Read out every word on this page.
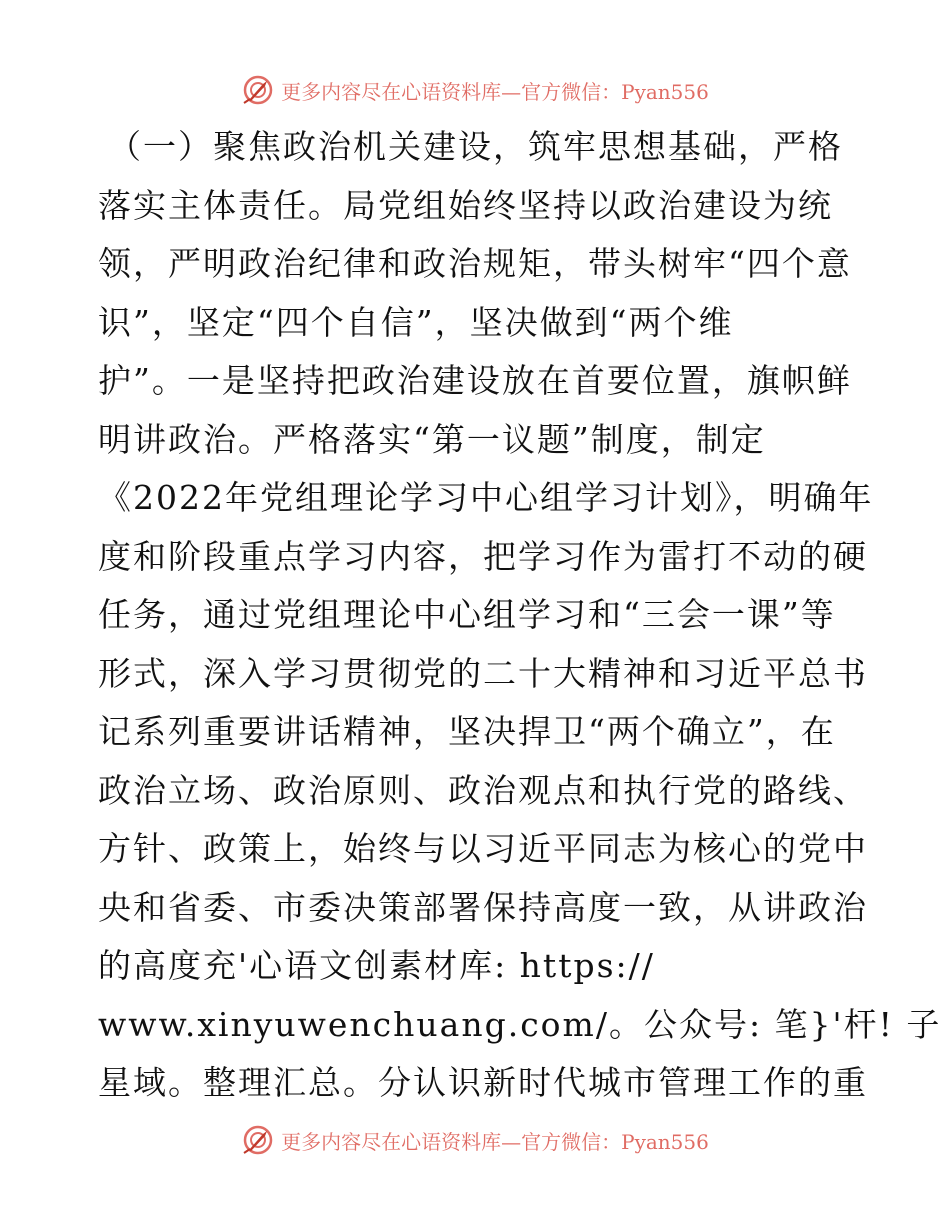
更多内容尽在心语资料库—官方微信：Pyan556
（一）聚焦政治机关建设，筑牢思想基础，严格
落实主体责任。局党组始终坚持以政治建设为统
领，严明政治纪律和政治规矩，带头树牢“四个意
识”，坚定“四个自信”，坚决做到“两个维
护”。一是坚持把政治建设放在首要位置，旗帜鲜
明讲政治。严格落实“第一议题”制度，制定
《2022年党组理论学习中心组学习计划》，明确年
度和阶段重点学习内容，把学习作为雷打不动的硬
任务，通过党组理论中心组学习和“三会一课”等
形式，深入学习贯彻党的二十大精神和习近平总书
记系列重要讲话精神，坚决捍卫“两个确立”，在
政治立场、政治原则、政治观点和执行党的路线、
方针、政策上，始终与以习近平同志为核心的党中
央和省委、市委决策部署保持高度一致，从讲政治
的高度充'心语文创素材库: https://
www.xinyuwenchuang.com/。公众号: 笔}'杆! 子
星域。整理汇总。分认识新时代城市管理工作的重
更多内容尽在心语资料库—官方微信：Pyan556
